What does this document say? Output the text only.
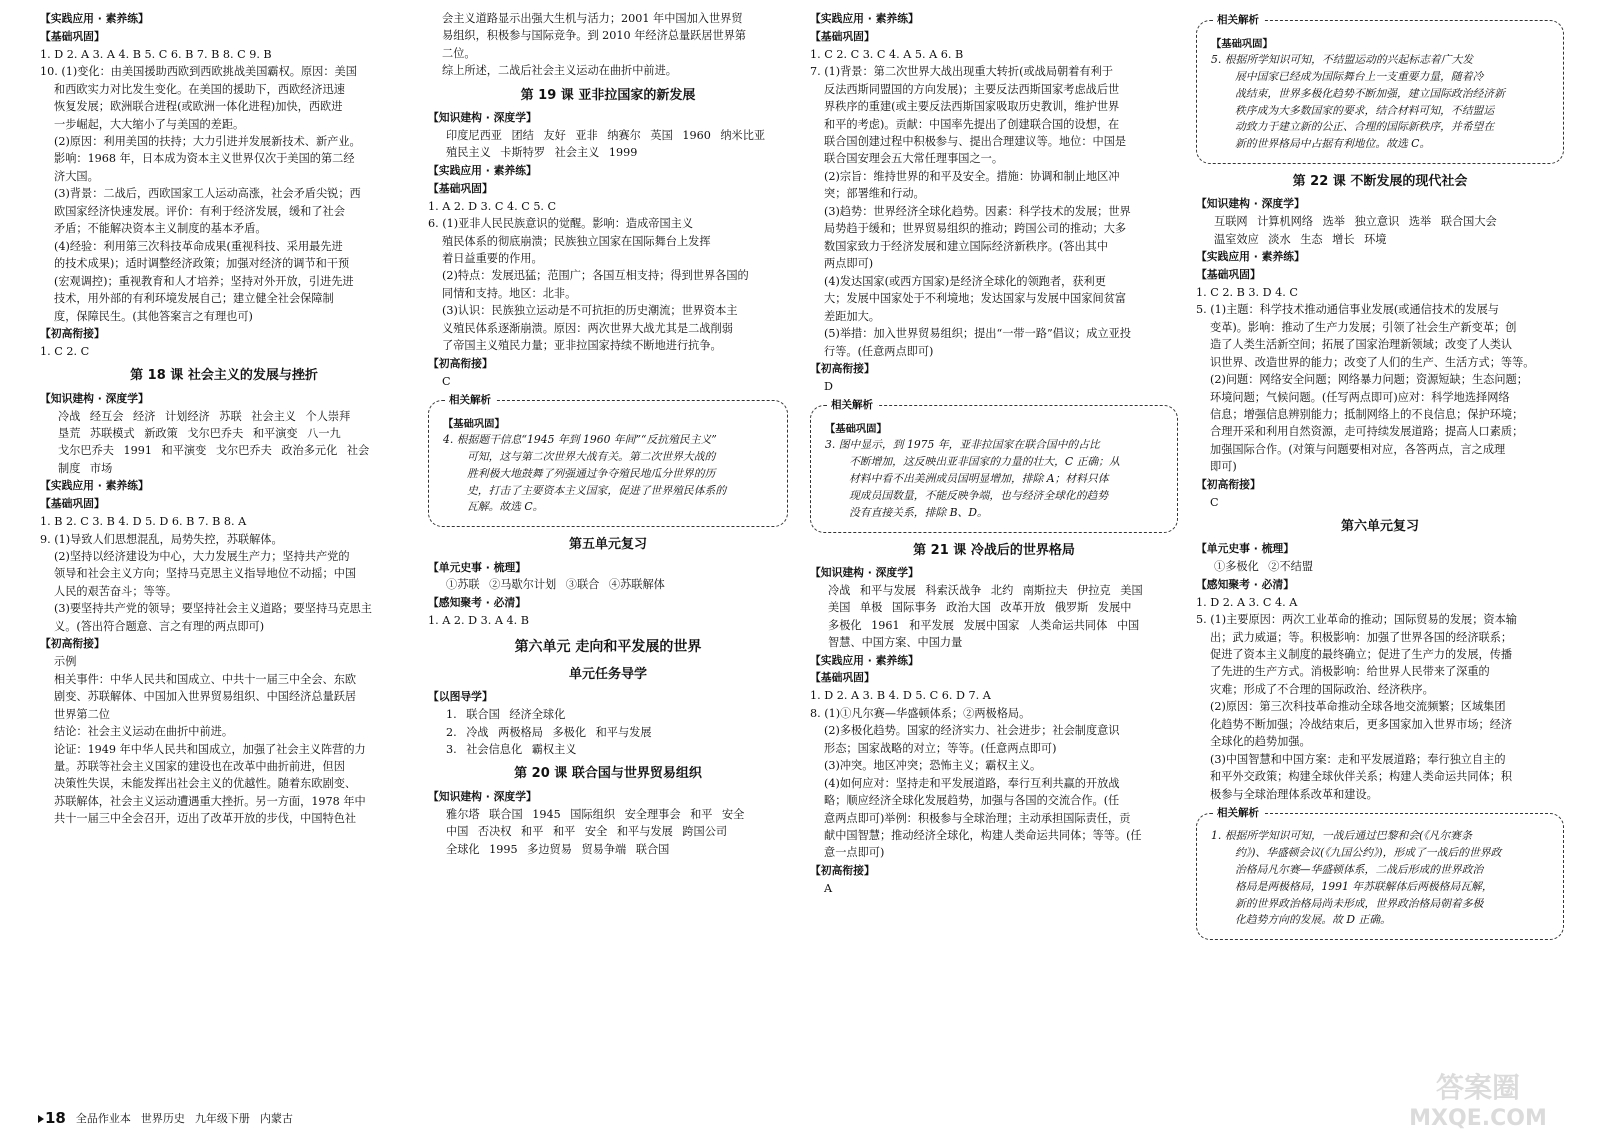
【实践应用 · 素养练】
【基础巩固】
1. D 2. A 3. A 4. B 5. C 6. B 7. B 8. C 9. B
10. (1)变化：由美国援助西欧到西欧挑战美国霸权。原因：美国
和西欧实力对比发生变化。在美国的援助下，西欧经济迅速
恢复发展；欧洲联合进程(或欧洲一体化进程)加快，西欧进
一步崛起，大大缩小了与美国的差距。
(2)原因：利用美国的扶持；大力引进并发展新技术、新产业。
影响：1968 年，日本成为资本主义世界仅次于美国的第二经
济大国。
(3)背景：二战后，西欧国家工人运动高涨，社会矛盾尖锐；西
欧国家经济快速发展。评价：有利于经济发展，缓和了社会
矛盾；不能解决资本主义制度的基本矛盾。
(4)经验：利用第三次科技革命成果(重视科技、采用最先进
的技术成果)；适时调整经济政策；加强对经济的调节和干预
(宏观调控)；重视教育和人才培养；坚持对外开放，引进先进
技术，用外部的有利环境发展自己；建立健全社会保障制
度，保障民生。(其他答案言之有理也可)
【初高衔接】
1. C 2. C
第 18 课 社会主义的发展与挫折
【知识建构 · 深度学】
冷战 经互会 经济 计划经济 苏联 社会主义 个人崇拜
垦荒 苏联模式 新政策 戈尔巴乔夫 和平演变 八一九
戈尔巴乔夫 1991 和平演变 戈尔巴乔夫 政治多元化 社会
制度 市场
【实践应用 · 素养练】
【基础巩固】
1. B 2. C 3. B 4. D 5. D 6. B 7. B 8. A
9. (1)导致人们思想混乱，局势失控，苏联解体。
(2)坚持以经济建设为中心，大力发展生产力；坚持共产党的
领导和社会主义方向；坚持马克思主义指导地位不动摇；中国
人民的艰苦奋斗；等等。
(3)要坚持共产党的领导；要坚持社会主义道路；要坚持马克思主
义。(答出符合题意、言之有理的两点即可)
【初高衔接】
示例
相关事件：中华人民共和国成立、中共十一届三中全会、东欧
剧变、苏联解体、中国加入世界贸易组织、中国经济总量跃居
世界第二位
结论：社会主义运动在曲折中前进。
论证：1949 年中华人民共和国成立，加强了社会主义阵营的力
量。苏联等社会主义国家的建设也在改革中曲折前进，但因
决策性失误，未能发挥出社会主义的优越性。随着东欧剧变、
苏联解体，社会主义运动遭遇重大挫折。另一方面，1978 年中
共十一届三中全会召开，迈出了改革开放的步伐，中国特色社
会主义道路显示出强大生机与活力；2001 年中国加入世界贸
易组织，积极参与国际竞争。到 2010 年经济总量跃居世界第
二位。
综上所述，二战后社会主义运动在曲折中前进。
第 19 课 亚非拉国家的新发展
【知识建构 · 深度学】
印度尼西亚 团结 友好 亚非 纳赛尔 英国 1960 纳米比亚
殖民主义 卡斯特罗 社会主义 1999
【实践应用 · 素养练】
【基础巩固】
1. A 2. D 3. C 4. C 5. C
6. (1)亚非人民民族意识的觉醒。影响：造成帝国主义
殖民体系的彻底崩溃；民族独立国家在国际舞台上发挥
着日益重要的作用。
(2)特点：发展迅猛；范围广；各国互相支持；得到世界各国的
同情和支持。地区：北非。
(3)认识：民族独立运动是不可抗拒的历史潮流；世界资本主
义殖民体系逐渐崩溃。原因：两次世界大战尤其是二战削弱
了帝国主义殖民力量；亚非拉国家持续不断地进行抗争。
【初高衔接】
C
相关解析
【基础巩固】
4. 根据题干信息“1945 年到 1960 年间”“反抗殖民主义”
可知，这与第二次世界大战有关。第二次世界大战的
胜利极大地鼓舞了列强通过争夺殖民地瓜分世界的历
史，打击了主要资本主义国家，促进了世界殖民体系的
瓦解。故选 C。
第五单元复习
【单元史事 · 梳理】
①苏联 ②马歇尔计划 ③联合 ④苏联解体
【感知聚考 · 必清】
1. A 2. D 3. A 4. B
第六单元 走向和平发展的世界
单元任务导学
【以图导学】
1. 联合国 经济全球化
2. 冷战 两极格局 多极化 和平与发展
3. 社会信息化 霸权主义
第 20 课 联合国与世界贸易组织
【知识建构 · 深度学】
雅尔塔 联合国 1945 国际组织 安全理事会 和平 安全
中国 否决权 和平 和平 安全 和平与发展 跨国公司
全球化 1995 多边贸易 贸易争端 联合国
【实践应用 · 素养练】
【基础巩固】
1. C 2. C 3. C 4. A 5. A 6. B
7. (1)背景：第二次世界大战出现重大转折(或战局朝着有利于
反法西斯同盟国的方向发展)；主要反法西斯国家考虑战后世
界秩序的重建(或主要反法西斯国家吸取历史教训，维护世界
和平的考虑)。贡献：中国率先提出了创建联合国的设想，在
联合国创建过程中积极参与、提出合理建议等。地位：中国是
联合国安理会五大常任理事国之一。
(2)宗旨：维持世界的和平及安全。措施：协调和制止地区冲
突；部署维和行动。
(3)趋势：世界经济全球化趋势。因素：科学技术的发展；世界
局势趋于缓和；世界贸易组织的推动；跨国公司的推动；大多
数国家致力于经济发展和建立国际经济新秩序。(答出其中
两点即可)
(4)发达国家(或西方国家)是经济全球化的领跑者，获利更
大；发展中国家处于不利境地；发达国家与发展中国家间贫富
差距加大。
(5)举措：加入世界贸易组织；提出“一带一路”倡议；成立亚投
行等。(任意两点即可)
【初高衔接】
D
相关解析
【基础巩固】
3. 图中显示，到 1975 年，亚非拉国家在联合国中的占比
不断增加，这反映出亚非国家的力量的壮大，C 正确；从
材料中看不出美洲成员国明显增加，排除 A；材料只体
现成员国数量，不能反映争端，也与经济全球化的趋势
没有直接关系，排除 B、D。
第 21 课 冷战后的世界格局
【知识建构 · 深度学】
冷战 和平与发展 科索沃战争 北约 南斯拉夫 伊拉克 美国
美国 单极 国际事务 政治大国 改革开放 俄罗斯 发展中
多极化 1961 和平发展 发展中国家 人类命运共同体 中国
智慧、中国方案、中国力量
【实践应用 · 素养练】
【基础巩固】
1. D 2. A 3. B 4. D 5. C 6. D 7. A
8. (1)①凡尔赛—华盛顿体系；②两极格局。
(2)多极化趋势。国家的经济实力、社会进步；社会制度意识
形态；国家战略的对立；等等。(任意两点即可)
(3)冲突。地区冲突；恐怖主义；霸权主义。
(4)如何应对：坚持走和平发展道路，奉行互利共赢的开放战
略；顺应经济全球化发展趋势，加强与各国的交流合作。(任
意两点即可)举例：积极参与全球治理；主动承担国际责任，贡
献中国智慧；推动经济全球化，构建人类命运共同体；等等。(任
意一点即可)
【初高衔接】
A
相关解析
【基础巩固】
5. 根据所学知识可知，不结盟运动的兴起标志着广大发
展中国家已经成为国际舞台上一支重要力量，随着冷
战结束，世界多极化趋势不断加强，建立国际政治经济新
秩序成为大多数国家的要求，结合材料可知，不结盟运
动致力于建立新的公正、合理的国际新秩序，并希望在
新的世界格局中占据有利地位。故选 C。
第 22 课 不断发展的现代社会
【知识建构 · 深度学】
互联网 计算机网络 选举 独立意识 选举 联合国大会
温室效应 淡水 生态 增长 环境
【实践应用 · 素养练】
【基础巩固】
1. C 2. B 3. D 4. C
5. (1)主题：科学技术推动通信事业发展(或通信技术的发展与
变革)。影响：推动了生产力发展；引领了社会生产新变革；创
造了人类生活新空间；拓展了国家治理新领域；改变了人类认
识世界、改造世界的能力；改变了人们的生产、生活方式；等等。
(2)问题：网络安全问题；网络暴力问题；资源短缺；生态问题；
环境问题；气候问题。(任写两点即可)应对：科学地选择网络
信息；增强信息辨别能力；抵制网络上的不良信息；保护环境；
合理开采和利用自然资源，走可持续发展道路；提高人口素质；
加强国际合作。(对策与问题要相对应，各答两点，言之成理
即可)
【初高衔接】
C
第六单元复习
【单元史事 · 梳理】
①多极化 ②不结盟
【感知聚考 · 必清】
1. D 2. A 3. C 4. A
5. (1)主要原因：两次工业革命的推动；国际贸易的发展；资本输
出；武力威逼；等。积极影响：加强了世界各国的经济联系；
促进了资本主义制度的最终确立；促进了生产力的发展，传播
了先进的生产方式。消极影响：给世界人民带来了深重的
灾难；形成了不合理的国际政治、经济秩序。
(2)原因：第三次科技革命推动全球各地交流频繁；区域集团
化趋势不断加强；冷战结束后，更多国家加入世界市场；经济
全球化的趋势加强。
(3)中国智慧和中国方案：走和平发展道路；奉行独立自主的
和平外交政策；构建全球伙伴关系；构建人类命运共同体；积
极参与全球治理体系改革和建设。
相关解析
1. 根据所学知识可知，一战后通过巴黎和会(《凡尔赛条
约》)、华盛顿会议(《九国公约》)，形成了一战后的世界政
治格局凡尔赛—华盛顿体系，二战后形成的世界政治
格局是两极格局，1991 年苏联解体后两极格局瓦解，
新的世界政治格局尚未形成，世界政治格局朝着多极
化趋势方向的发展。故 D 正确。
18 全品作业本 世界历史 九年级下册 内蒙古
答案圈
MXQE.COM
